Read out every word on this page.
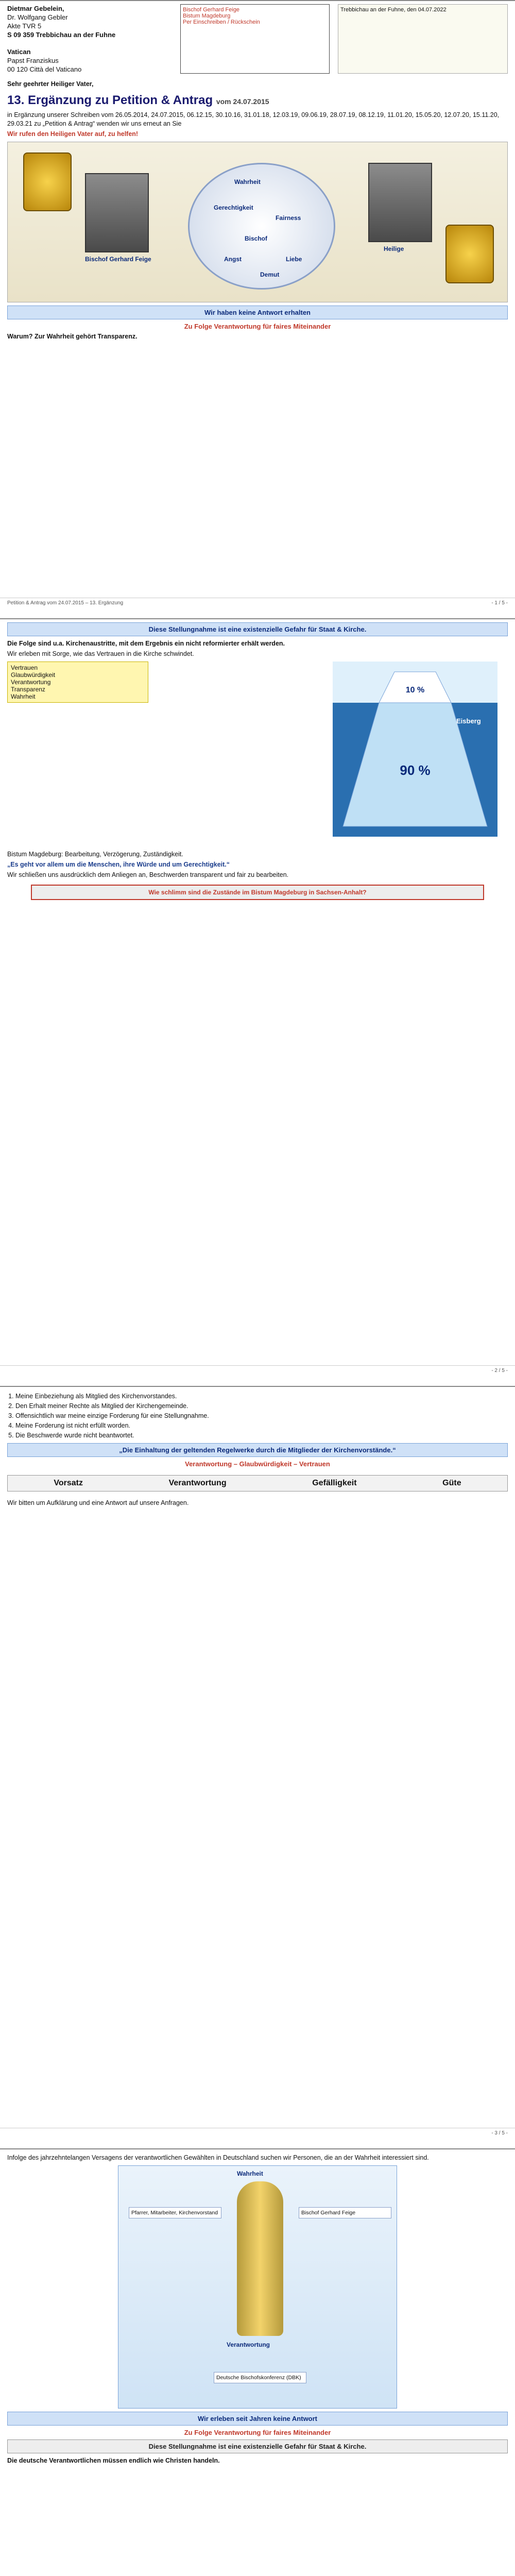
Dietmar Gebelein,
Dr. Wolfgang Gebler
Akte TVR 5
S 09 359 Trebbichau an der Fuhne
Vatican
Papst Franziskus
00 120 Città del Vaticano
Bischof Gerhard Feige
Bistum Magdeburg
Per Einschreiben / Rückschein
Trebbichau an der Fuhne, den 04.07.2022

Sehr geehrter Heiliger Vater,

13. Ergänzung zu Petition & Antrag vom 24.07.2015

in Ergänzung unserer Schreiben vom 26.05.2014, 24.07.2015, 06.12.15, 30.10.16, 31.01.18, 12.03.19, 09.06.19, 28.07.19, 08.12.19, 11.01.20, 15.05.20, 12.07.20, 15.11.20, 29.03.21 zu „Petition & Antrag“ wenden wir uns erneut an Sie

Wir rufen den Heiligen Vater auf, zu helfen!

Bischof Gerhard Feige
Wahrheit
Gerechtigkeit
Fairness
Bischof
Angst	Liebe
Demut
Heilige
Wir haben keine Antwort erhalten
Zu Folge Verantwortung für faires Miteinander

Warum? Zur Wahrheit gehört Transparenz.

Petition & Antrag vom 24.07.2015 – 13. Ergänzung	- 1 / 5 -
Diese Stellungnahme ist eine existenzielle Gefahr für Staat & Kirche.

Die Folge sind u.a. Kirchenaustritte, mit dem Ergebnis ein nicht reformierter erhält werden.

Wir erleben mit Sorge, wie das Vertrauen in die Kirche schwindet.

Vertrauen
Glaubwürdigkeit
Verantwortung
Transparenz
Wahrheit
10 %
90 %
Eisberg

Bistum Magdeburg: Bearbeitung, Verzögerung, Zuständigkeit.

„Es geht vor allem um die Menschen, ihre Würde und um Gerechtigkeit.“

Wir schließen uns ausdrücklich dem Anliegen an, Beschwerden transparent und fair zu bearbeiten.

Wie schlimm sind die Zustände im Bistum Magdeburg in Sachsen-Anhalt?
- 2 / 5 -
1. Meine Einbeziehung als Mitglied des Kirchenvorstandes.
2. Den Erhalt meiner Rechte als Mitglied der Kirchengemeinde.
3. Offensichtlich war meine einzige Forderung für eine Stellungnahme.
4. Meine Forderung ist nicht erfüllt worden.
5. Die Beschwerde wurde nicht beantwortet.
„Die Einhaltung der geltenden Regelwerke durch die Mitglieder der Kirchenvorstände.“
Verantwortung – Glaubwürdigkeit – Vertrauen
Vorsatz	Verantwortung	Gefälligkeit	Güte

Wir bitten um Aufklärung und eine Antwort auf unsere Anfragen.

- 3 / 5 -

Infolge des jahrzehntelangen Versagens der verantwortlichen Gewählten in Deutschland suchen wir Personen, die an der Wahrheit interessiert sind.

Wahrheit
Verantwortung
Pfarrer, Mitarbeiter, Kirchenvorstand	Bischof Gerhard Feige
Deutsche Bischofskonferenz (DBK)
Wir erleben seit Jahren keine Antwort
Zu Folge Verantwortung für faires Miteinander
Diese Stellungnahme ist eine existenzielle Gefahr für Staat & Kirche.

Die deutsche Verantwortlichen müssen endlich wie Christen handeln.
